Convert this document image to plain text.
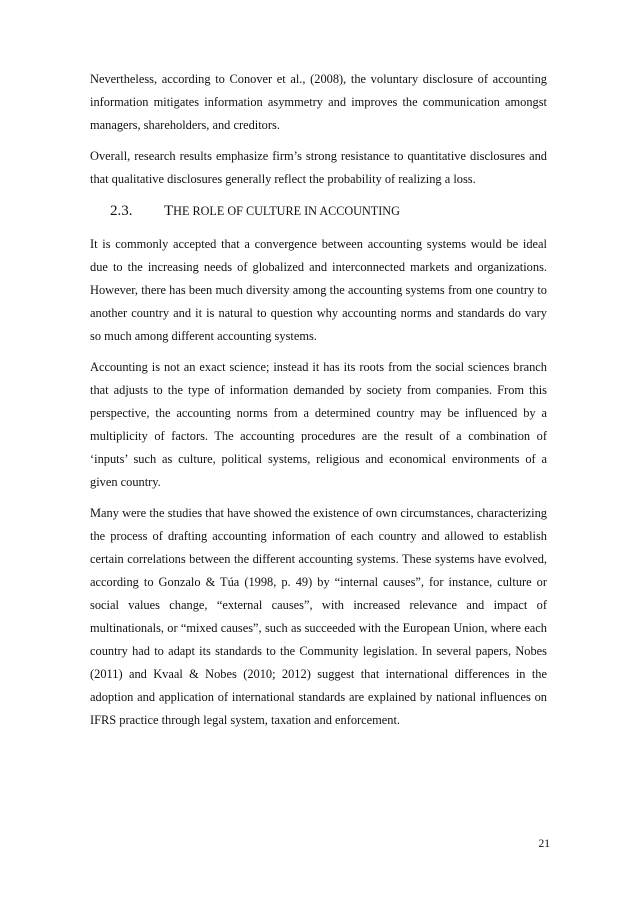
Nevertheless, according to Conover et al., (2008), the voluntary disclosure of accounting information mitigates information asymmetry and improves the communication amongst managers, shareholders, and creditors.

Overall, research results emphasize firm’s strong resistance to quantitative disclosures and that qualitative disclosures generally reflect the probability of realizing a loss.

2.3. THE ROLE OF CULTURE IN ACCOUNTING

It is commonly accepted that a convergence between accounting systems would be ideal due to the increasing needs of globalized and interconnected markets and organizations. However, there has been much diversity among the accounting systems from one country to another country and it is natural to question why accounting norms and standards do vary so much among different accounting systems.

Accounting is not an exact science; instead it has its roots from the social sciences branch that adjusts to the type of information demanded by society from companies. From this perspective, the accounting norms from a determined country may be influenced by a multiplicity of factors. The accounting procedures are the result of a combination of ‘inputs’ such as culture, political systems, religious and economical environments of a given country.

Many were the studies that have showed the existence of own circumstances, characterizing the process of drafting accounting information of each country and allowed to establish certain correlations between the different accounting systems. These systems have evolved, according to Gonzalo & Túa (1998, p. 49) by “internal causes”, for instance, culture or social values change, “external causes”, with increased relevance and impact of multinationals, or “mixed causes”, such as succeeded with the European Union, where each country had to adapt its standards to the Community legislation. In several papers, Nobes (2011) and Kvaal & Nobes (2010; 2012) suggest that international differences in the adoption and application of international standards are explained by national influences on IFRS practice through legal system, taxation and enforcement.

21
